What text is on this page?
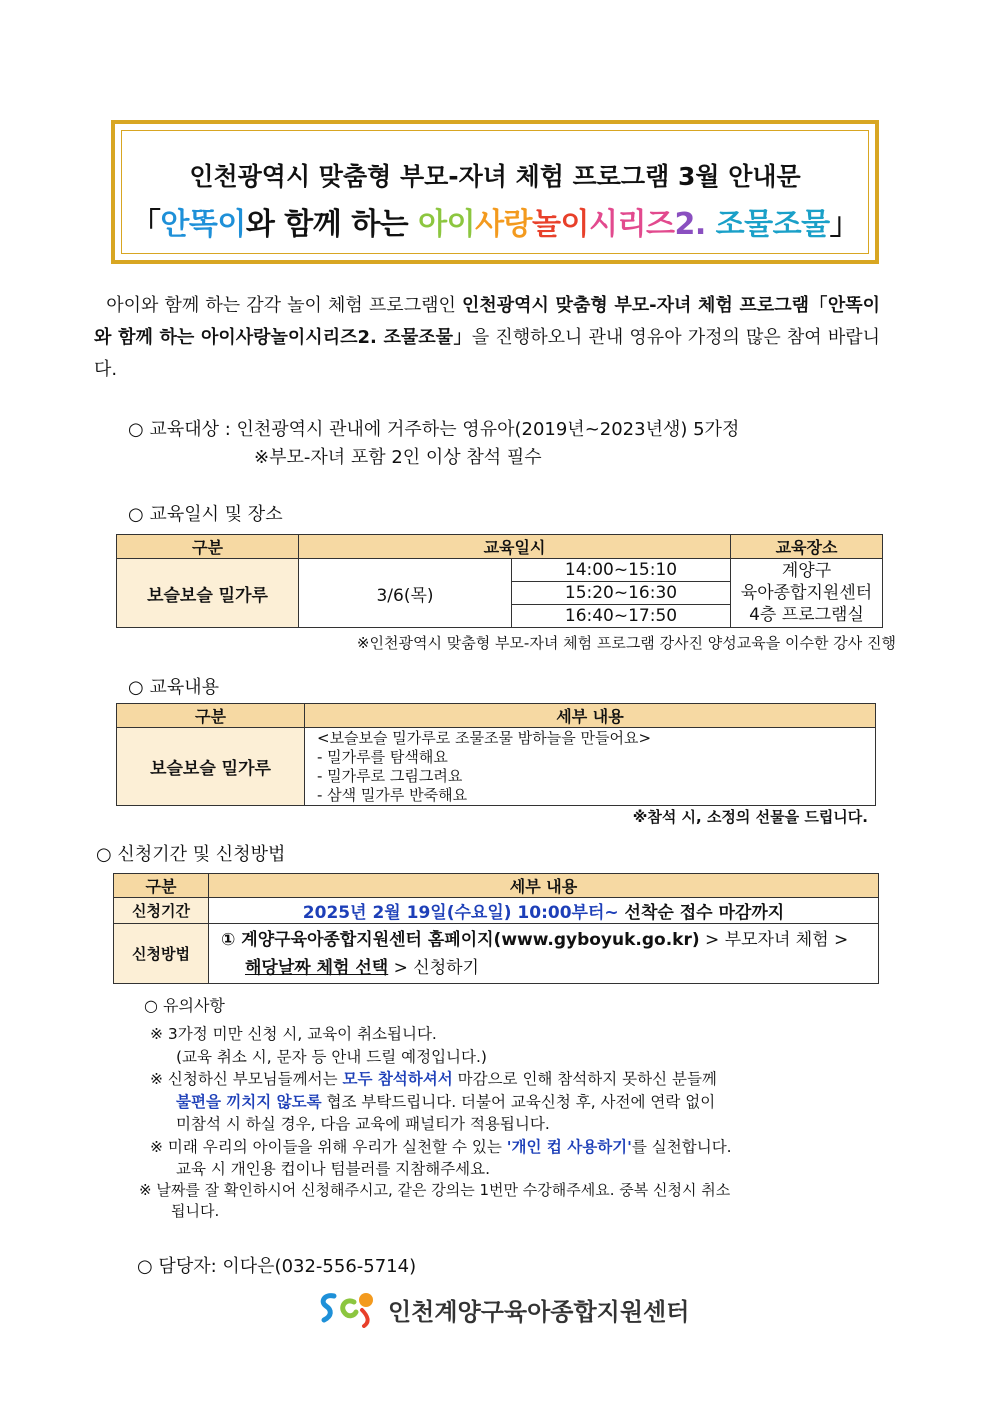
인천광역시 맞춤형 부모-자녀 체험 프로그램 3월 안내문
「안똑이와 함께 하는 아이사랑놀이시리즈2. 조물조물」
아이와 함께 하는 감각 놀이 체험 프로그램인 인천광역시 맞춤형 부모-자녀 체험 프로그램「안똑이와 함께 하는 아이사랑놀이시리즈2. 조물조물」을 진행하오니 관내 영유아 가정의 많은 참여 바랍니다.
○ 교육대상 : 인천광역시 관내에 거주하는 영유아(2019년~2023년생) 5가정
※부모-자녀 포함 2인 이상 참석 필수
○ 교육일시 및 장소
구분	교육일시		교육장소
보슬보슬 밀가루	3/6(목)	14:00~15:10	계양구
육아종합지원센터
4층 프로그램실

		15:20~16:30	
		16:40~17:50	
※인천광역시 맞춤형 부모-자녀 체험 프로그램 강사진 양성교육을 이수한 강사 진행
○ 교육내용
구분	세부 내용
보슬보슬 밀가루	<보슬보슬 밀가루로 조물조물 밤하늘을 만들어요>
- 밀가루를 탐색해요
- 밀가루로 그림그려요
- 삼색 밀가루 반죽해요
※참석 시, 소정의 선물을 드립니다.
○ 신청기간 및 신청방법
구분	세부 내용
신청기간	2025년 2월 19일(수요일) 10:00부터~ 선착순 접수 마감까지
신청방법	① 계양구육아종합지원센터 홈페이지(www.gyboyuk.go.kr) > 부모자녀 체험 >
해당날짜 체험 선택 > 신청하기
○ 유의사항
※ 3가정 미만 신청 시, 교육이 취소됩니다.
(교육 취소 시, 문자 등 안내 드릴 예정입니다.)
※ 신청하신 부모님들께서는 모두 참석하셔서 마감으로 인해 참석하지 못하신 분들께
불편을 끼치지 않도록 협조 부탁드립니다. 더불어 교육신청 후, 사전에 연락 없이
미참석 시 하실 경우, 다음 교육에 패널티가 적용됩니다.
※ 미래 우리의 아이들을 위해 우리가 실천할 수 있는 '개인 컵 사용하기'를 실천합니다.
교육 시 개인용 컵이나 텀블러를 지참해주세요.
※ 날짜를 잘 확인하시어 신청해주시고, 같은 강의는 1번만 수강해주세요. 중복 신청시 취소
됩니다.
○ 담당자: 이다은(032-556-5714)
인천계양구육아종합지원센터
